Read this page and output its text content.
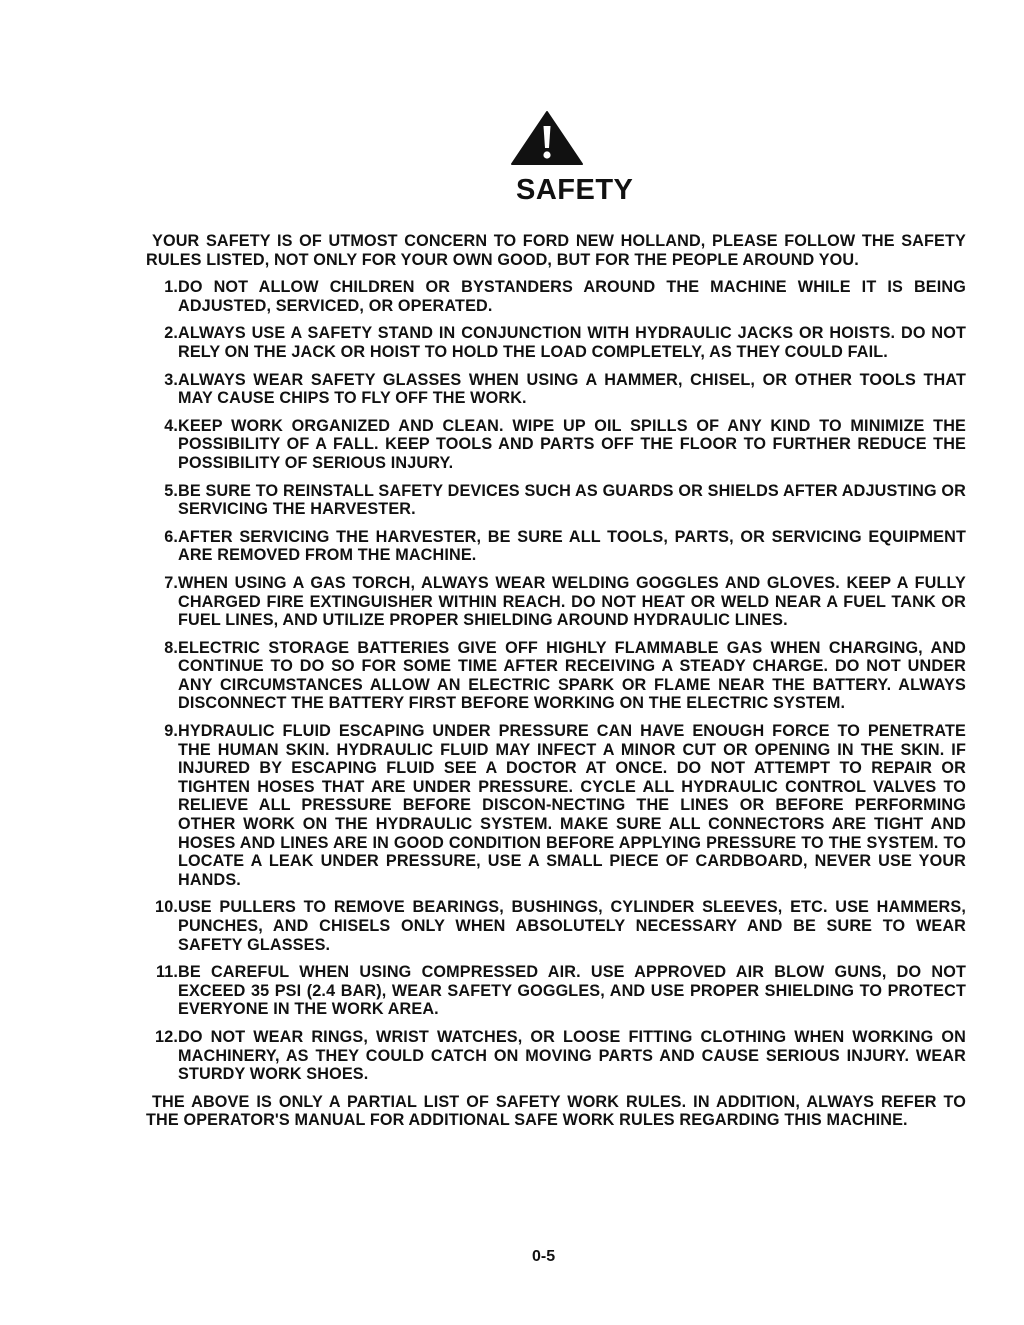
SAFETY

YOUR SAFETY IS OF UTMOST CONCERN TO FORD NEW HOLLAND, PLEASE FOLLOW THE SAFETY RULES LISTED, NOT ONLY FOR YOUR OWN GOOD, BUT FOR THE PEOPLE AROUND YOU.

1. DO NOT ALLOW CHILDREN OR BYSTANDERS AROUND THE MACHINE WHILE IT IS BEING ADJUSTED, SERVICED, OR OPERATED.
2. ALWAYS USE A SAFETY STAND IN CONJUNCTION WITH HYDRAULIC JACKS OR HOISTS. DO NOT RELY ON THE JACK OR HOIST TO HOLD THE LOAD COMPLETELY, AS THEY COULD FAIL.
3. ALWAYS WEAR SAFETY GLASSES WHEN USING A HAMMER, CHISEL, OR OTHER TOOLS THAT MAY CAUSE CHIPS TO FLY OFF THE WORK.
4. KEEP WORK ORGANIZED AND CLEAN. WIPE UP OIL SPILLS OF ANY KIND TO MINIMIZE THE POSSIBILITY OF A FALL. KEEP TOOLS AND PARTS OFF THE FLOOR TO FURTHER REDUCE THE POSSIBILITY OF SERIOUS INJURY.
5. BE SURE TO REINSTALL SAFETY DEVICES SUCH AS GUARDS OR SHIELDS AFTER ADJUSTING OR SERVICING THE HARVESTER.
6. AFTER SERVICING THE HARVESTER, BE SURE ALL TOOLS, PARTS, OR SERVICING EQUIPMENT ARE REMOVED FROM THE MACHINE.
7. WHEN USING A GAS TORCH, ALWAYS WEAR WELDING GOGGLES AND GLOVES. KEEP A FULLY CHARGED FIRE EXTINGUISHER WITHIN REACH. DO NOT HEAT OR WELD NEAR A FUEL TANK OR FUEL LINES, AND UTILIZE PROPER SHIELDING AROUND HYDRAULIC LINES.
8. ELECTRIC STORAGE BATTERIES GIVE OFF HIGHLY FLAMMABLE GAS WHEN CHARGING, AND CONTINUE TO DO SO FOR SOME TIME AFTER RECEIVING A STEADY CHARGE. DO NOT UNDER ANY CIRCUMSTANCES ALLOW AN ELECTRIC SPARK OR FLAME NEAR THE BATTERY. ALWAYS DISCONNECT THE BATTERY FIRST BEFORE WORKING ON THE ELECTRIC SYSTEM.
9. HYDRAULIC FLUID ESCAPING UNDER PRESSURE CAN HAVE ENOUGH FORCE TO PENETRATE THE HUMAN SKIN. HYDRAULIC FLUID MAY INFECT A MINOR CUT OR OPENING IN THE SKIN. IF INJURED BY ESCAPING FLUID SEE A DOCTOR AT ONCE. DO NOT ATTEMPT TO REPAIR OR TIGHTEN HOSES THAT ARE UNDER PRESSURE. CYCLE ALL HYDRAULIC CONTROL VALVES TO RELIEVE ALL PRESSURE BEFORE DISCON-NECTING THE LINES OR BEFORE PERFORMING OTHER WORK ON THE HYDRAULIC SYSTEM. MAKE SURE ALL CONNECTORS ARE TIGHT AND HOSES AND LINES ARE IN GOOD CONDITION BEFORE APPLYING PRESSURE TO THE SYSTEM. TO LOCATE A LEAK UNDER PRESSURE, USE A SMALL PIECE OF CARDBOARD, NEVER USE YOUR HANDS.
10. USE PULLERS TO REMOVE BEARINGS, BUSHINGS, CYLINDER SLEEVES, ETC. USE HAMMERS, PUNCHES, AND CHISELS ONLY WHEN ABSOLUTELY NECESSARY AND BE SURE TO WEAR SAFETY GLASSES.
11. BE CAREFUL WHEN USING COMPRESSED AIR. USE APPROVED AIR BLOW GUNS, DO NOT EXCEED 35 PSI (2.4 BAR), WEAR SAFETY GOGGLES, AND USE PROPER SHIELDING TO PROTECT EVERYONE IN THE WORK AREA.
12. DO NOT WEAR RINGS, WRIST WATCHES, OR LOOSE FITTING CLOTHING WHEN WORKING ON MACHINERY, AS THEY COULD CATCH ON MOVING PARTS AND CAUSE SERIOUS INJURY. WEAR STURDY WORK SHOES.

THE ABOVE IS ONLY A PARTIAL LIST OF SAFETY WORK RULES. IN ADDITION, ALWAYS REFER TO THE OPERATOR'S MANUAL FOR ADDITIONAL SAFE WORK RULES REGARDING THIS MACHINE.

0-5
